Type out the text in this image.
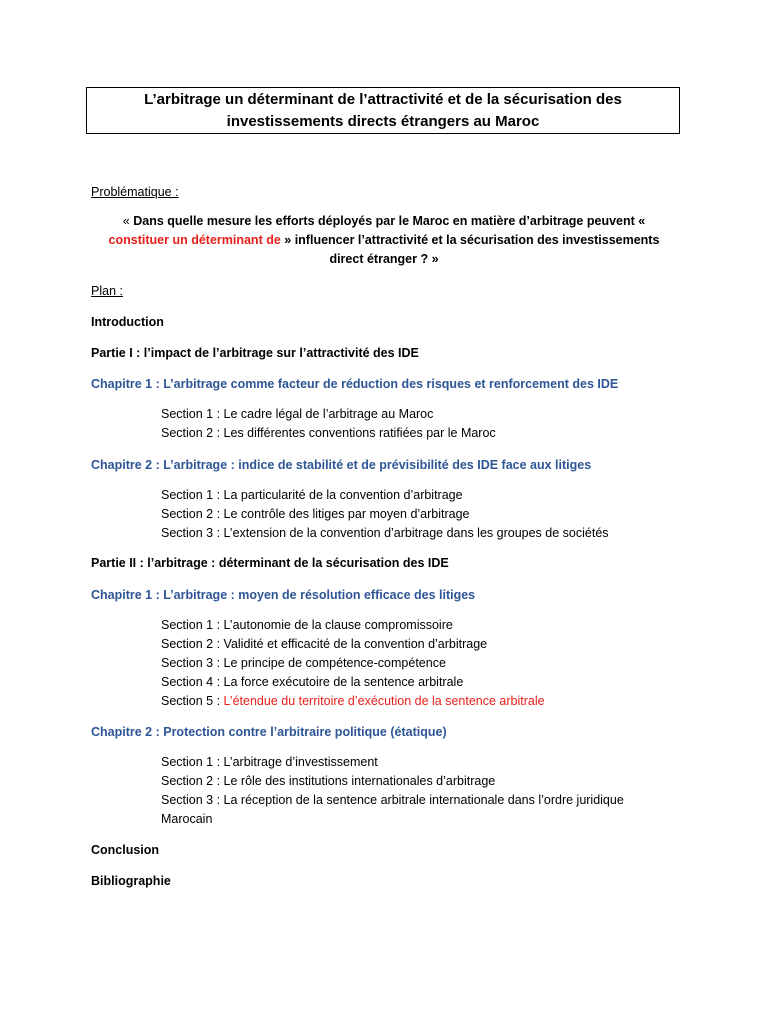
L’arbitrage un déterminant de l’attractivité et de la sécurisation des investissements directs étrangers au Maroc
Problématique :
« Dans quelle mesure les efforts déployés par le Maroc en matière d’arbitrage peuvent « constituer un déterminant de » influencer l’attractivité et la sécurisation des investissements direct étranger ? »
Plan :
Introduction
Partie I : l’impact de l’arbitrage sur l’attractivité des IDE
Chapitre 1 : L’arbitrage comme facteur de réduction des risques et renforcement des IDE
Section 1 : Le cadre légal de l’arbitrage au Maroc
Section 2 : Les différentes conventions ratifiées par le Maroc
Chapitre 2 : L’arbitrage : indice de stabilité et de prévisibilité des IDE face aux litiges
Section 1 : La particularité de la convention d’arbitrage
Section 2 : Le contrôle des litiges par moyen d’arbitrage
Section 3 : L’extension de la convention d’arbitrage dans les groupes de sociétés
Partie II : l’arbitrage : déterminant de la sécurisation des IDE
Chapitre 1 : L’arbitrage : moyen de résolution efficace des litiges
Section 1 : L’autonomie de la clause compromissoire
Section 2 : Validité et efficacité de la convention d’arbitrage
Section 3 : Le principe de compétence-compétence
Section 4 : La force exécutoire de la sentence arbitrale
Section 5 : L’étendue du territoire d’exécution de la sentence arbitrale
Chapitre 2 : Protection contre l’arbitraire politique (étatique)
Section 1 : L’arbitrage d’investissement
Section 2 : Le rôle des institutions internationales d’arbitrage
Section 3 : La réception de la sentence arbitrale internationale dans l’ordre juridique Marocain
Conclusion
Bibliographie
